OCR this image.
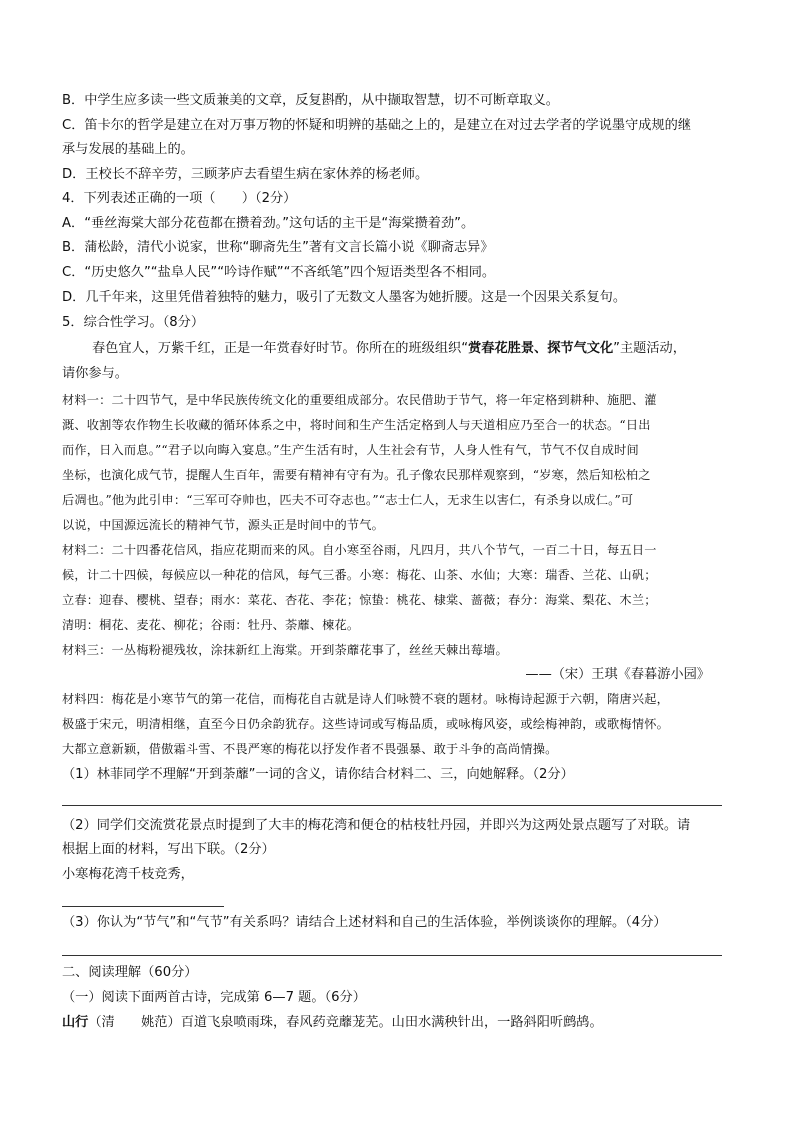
B．中学生应多读一些文质兼美的文章，反复斟酌，从中撷取智慧，切不可断章取义。
C．笛卡尔的哲学是建立在对万事万物的怀疑和明辨的基础之上的，是建立在对过去学者的学说墨守成规的继
承与发展的基础上的。
D．王校长不辞辛劳，三顾茅庐去看望生病在家休养的杨老师。
4．下列表述正确的一项（　　）（2分）
A．“垂丝海棠大部分花苞都在攒着劲。”这句话的主干是“海棠攒着劲”。
B．蒲松龄，清代小说家，世称“聊斋先生”著有文言长篇小说《聊斋志异》
C．“历史悠久”“盐阜人民”“吟诗作赋”“不吝纸笔”四个短语类型各不相同。
D．几千年来，这里凭借着独特的魅力，吸引了无数文人墨客为她折腰。这是一个因果关系复句。
5．综合性学习。（8分）
春色宜人，万紫千红，正是一年赏春好时节。你所在的班级组织“赏春花胜景、探节气文化”主题活动，
请你参与。
材料一：二十四节气，是中华民族传统文化的重要组成部分。农民借助于节气，将一年定格到耕种、施肥、灌
溉、收割等农作物生长收藏的循环体系之中，将时间和生产生活定格到人与天道相应乃至合一的状态。“日出
而作，日入而息。”“君子以向晦入宴息。”生产生活有时，人生社会有节，人身人性有气，节气不仅自成时间
坐标，也演化成气节，提醒人生百年，需要有精神有守有为。孔子像农民那样观察到，“岁寒，然后知松柏之
后凋也。”他为此引申：“三军可夺帅也，匹夫不可夺志也。”“志士仁人，无求生以害仁，有杀身以成仁。”可
以说，中国源远流长的精神气节，源头正是时间中的节气。
材料二：二十四番花信风，指应花期而来的风。自小寒至谷雨，凡四月，共八个节气，一百二十日，每五日一
候，计二十四候，每候应以一种花的信风，每气三番。小寒：梅花、山茶、水仙；大寒：瑞香、兰花、山矾；
立春：迎春、樱桃、望春；雨水：菜花、杏花、李花；惊蛰：桃花、棣棠、蔷薇；春分：海棠、梨花、木兰；
清明：桐花、麦花、柳花；谷雨：牡丹、荼蘼、楝花。
材料三：一丛梅粉褪残妆，涂抹新红上海棠。开到荼蘼花事了，丝丝天棘出莓墙。
——（宋）王琪《春暮游小园》
材料四：梅花是小寒节气的第一花信，而梅花自古就是诗人们咏赞不衰的题材。咏梅诗起源于六朝，隋唐兴起，
极盛于宋元，明清相继，直至今日仍余韵犹存。这些诗词或写梅品质，或咏梅风姿，或绘梅神韵，或歌梅情怀。
大都立意新颖，借傲霜斗雪、不畏严寒的梅花以抒发作者不畏强暴、敢于斗争的高尚情操。
（1）林菲同学不理解“开到荼蘼”一词的含义，请你结合材料二、三，向她解释。（2分）
（2）同学们交流赏花景点时提到了大丰的梅花湾和便仓的枯枝牡丹园，并即兴为这两处景点题写了对联。请
根据上面的材料，写出下联。（2分）
小寒梅花湾千枝竞秀，
（3）你认为“节气”和“气节”有关系吗？请结合上述材料和自己的生活体验，举例谈谈你的理解。（4分）
二、阅读理解（60分）
（一）阅读下面两首古诗，完成第 6—7 题。（6分）
山行（清　　姚范）百道飞泉喷雨珠，春风药竞蘼茏芜。山田水满秧针出，一路斜阳听鹧鸪。
